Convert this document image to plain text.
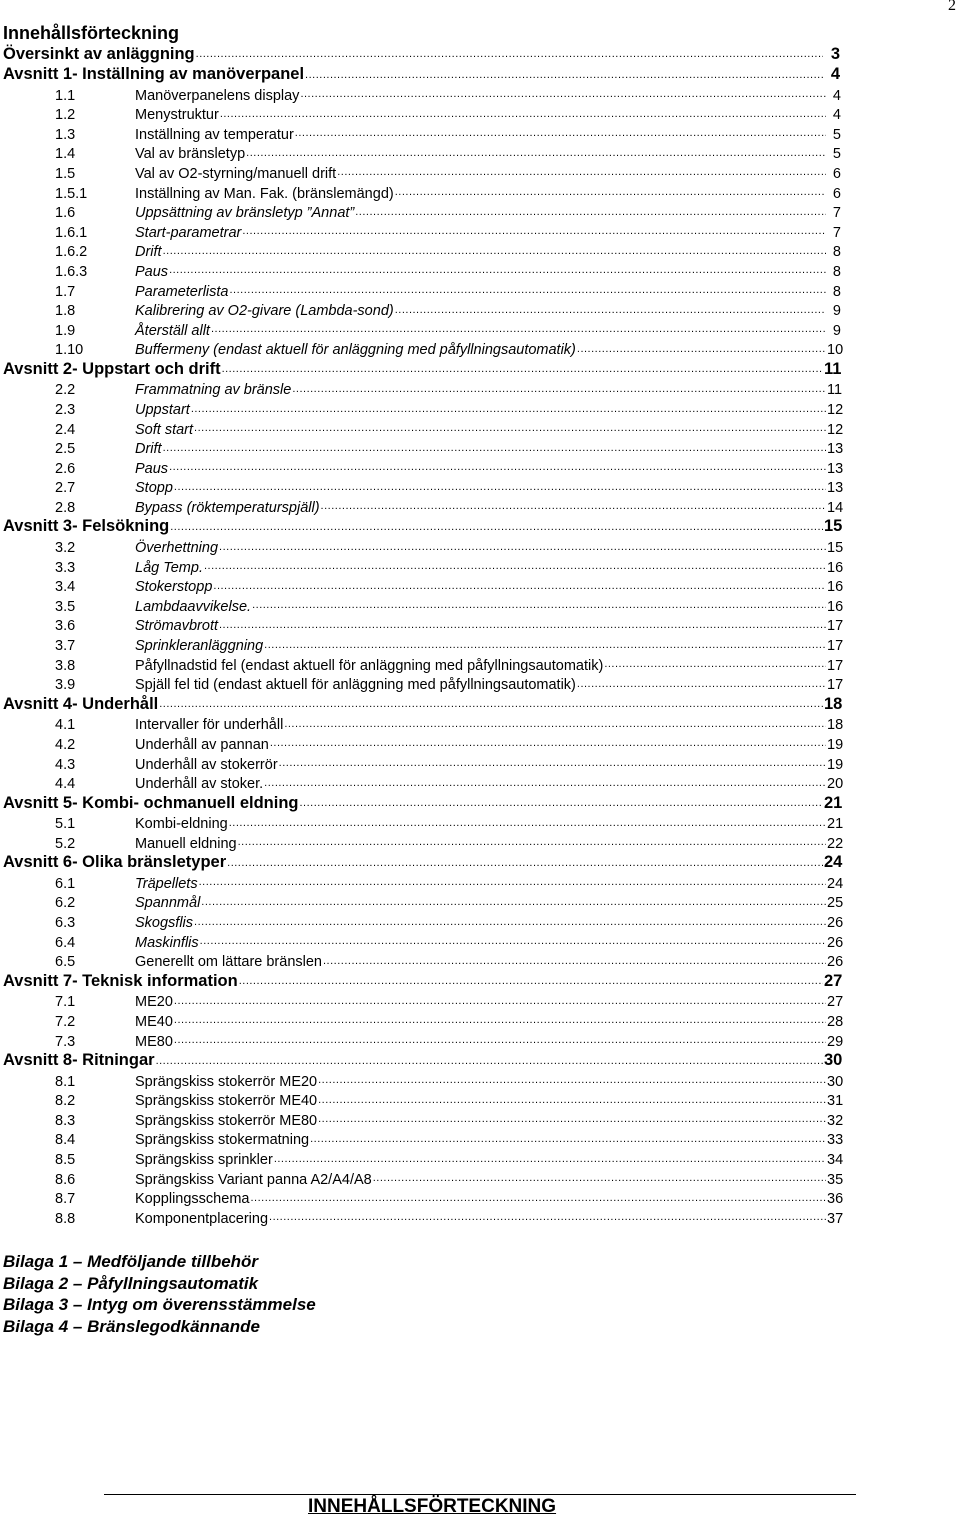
2
Innehållsförteckning
Översinkt av anläggning .....	3
Avsnitt 1- Inställning av manöverpanel .....	4
1.1	Manöverpanelens display .....	4
1.2	Menystruktur .....	4
1.3	Inställning av temperatur .....	5
1.4	Val av bränsletyp .....	5
1.5	Val av O2-styrning/manuell drift .....	6
1.5.1	Inställning av Man. Fak. (bränslemängd) .....	6
1.6	Uppsättning av bränsletyp ”Annat” .....	7
1.6.1	Start-parametrar .....	7
1.6.2	Drift .....	8
1.6.3	Paus .....	8
1.7	Parameterlista .....	8
1.8	Kalibrering av O2-givare (Lambda-sond) .....	9
1.9	Återställ allt .....	9
1.10	Buffermeny (endast aktuell för anläggning med påfyllningsautomatik) .....	10
Avsnitt 2- Uppstart och drift .....	11
2.2	Frammatning av bränsle .....	11
2.3	Uppstart .....	12
2.4	Soft start .....	12
2.5	Drift .....	13
2.6	Paus .....	13
2.7	Stopp .....	13
2.8	Bypass (röktemperaturspjäll) .....	14
Avsnitt 3- Felsökning .....	15
3.2	Överhettning .....	15
3.3	Låg Temp. .....	16
3.4	Stokerstopp .....	16
3.5	Lambdaavvikelse. .....	16
3.6	Strömavbrott .....	17
3.7	Sprinkleranläggning .....	17
3.8	Påfyllnadstid fel (endast aktuell för anläggning med påfyllningsautomatik) .....	17
3.9	Spjäll fel tid (endast aktuell för anläggning med påfyllningsautomatik) .....	17
Avsnitt 4- Underhåll .....	18
4.1	Intervaller för underhåll .....	18
4.2	Underhåll av pannan .....	19
4.3	Underhåll av stokerrör .....	19
4.4	Underhåll av stoker. .....	20
Avsnitt 5- Kombi- ochmanuell eldning .....	21
5.1	Kombi-eldning .....	21
5.2	Manuell eldning .....	22
Avsnitt 6- Olika bränsletyper .....	24
6.1	Träpellets .....	24
6.2	Spannmål .....	25
6.3	Skogsflis .....	26
6.4	Maskinflis .....	26
6.5	Generellt om lättare bränslen .....	26
Avsnitt 7- Teknisk information .....	27
7.1	ME20 .....	27
7.2	ME40 .....	28
7.3	ME80 .....	29
Avsnitt 8- Ritningar .....	30
8.1	Sprängskiss stokerrör ME20 .....	30
8.2	Sprängskiss stokerrör ME40 .....	31
8.3	Sprängskiss stokerrör ME80 .....	32
8.4	Sprängskiss stokermatning .....	33
8.5	Sprängskiss sprinkler .....	34
8.6	Sprängskiss Variant panna A2/A4/A8 .....	35
8.7	Kopplingsschema .....	36
8.8	Komponentplacering .....	37
Bilaga 1 – Medföljande tillbehör
Bilaga 2 – Påfyllningsautomatik
Bilaga 3 – Intyg om överensstämmelse
Bilaga 4 – Bränslegodkännande
INNEHÅLLSFÖRTECKNING
